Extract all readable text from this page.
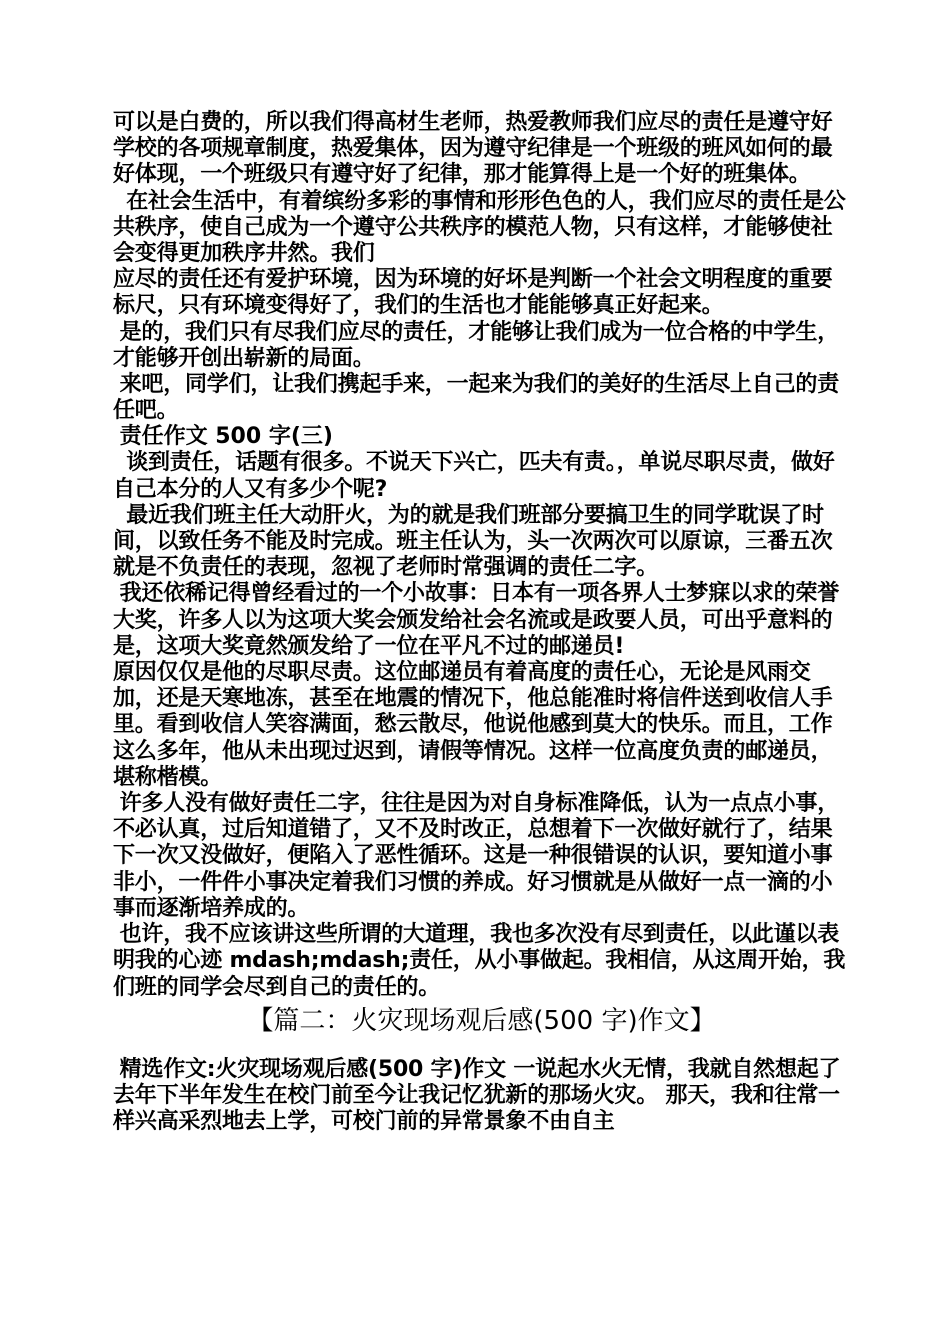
可以是白费的，所以我们得高材生老师，热爱教师我们应尽的责任是遵守好学校的各项规章制度，热爱集体，因为遵守纪律是一个班级的班风如何的最好体现，一个班级只有遵守好了纪律，那才能算得上是一个好的班集体。

在社会生活中，有着缤纷多彩的事情和形形色色的人，我们应尽的责任是公共秩序，使自己成为一个遵守公共秩序的模范人物，只有这样，才能够使社会变得更加秩序井然。我们

应尽的责任还有爱护环境，因为环境的好坏是判断一个社会文明程度的重要标尺，只有环境变得好了，我们的生活也才能能够真正好起来。

是的，我们只有尽我们应尽的责任，才能够让我们成为一位合格的中学生，才能够开创出崭新的局面。

来吧，同学们，让我们携起手来，一起来为我们的美好的生活尽上自己的责任吧。

责任作文 500 字(三)

谈到责任，话题有很多。不说天下兴亡，匹夫有责。，单说尽职尽责，做好自己本分的人又有多少个呢?

最近我们班主任大动肝火，为的就是我们班部分要搞卫生的同学耽误了时间，以致任务不能及时完成。班主任认为，头一次两次可以原谅，三番五次就是不负责任的表现，忽视了老师时常强调的责任二字。

我还依稀记得曾经看过的一个小故事：日本有一项各界人士梦寐以求的荣誉大奖，许多人以为这项大奖会颁发给社会名流或是政要人员，可出乎意料的是，这项大奖竟然颁发给了一位在平凡不过的邮递员!

原因仅仅是他的尽职尽责。这位邮递员有着高度的责任心，无论是风雨交加，还是天寒地冻，甚至在地震的情况下，他总能准时将信件送到收信人手里。看到收信人笑容满面，愁云散尽，他说他感到莫大的快乐。而且，工作这么多年，他从未出现过迟到，请假等情况。这样一位高度负责的邮递员，堪称楷模。

许多人没有做好责任二字，往往是因为对自身标准降低，认为一点点小事，不必认真，过后知道错了，又不及时改正，总想着下一次做好就行了，结果下一次又没做好，便陷入了恶性循环。这是一种很错误的认识，要知道小事非小，一件件小事决定着我们习惯的养成。好习惯就是从做好一点一滴的小事而逐渐培养成的。

也许，我不应该讲这些所谓的大道理，我也多次没有尽到责任，以此谨以表明我的心迹 mdash;mdash;责任，从小事做起。我相信，从这周开始，我们班的同学会尽到自己的责任的。

【篇二：火灾现场观后感(500 字)作文】

精选作文:火灾现场观后感(500 字)作文 一说起水火无情，我就自然想起了去年下半年发生在校门前至今让我记忆犹新的那场火灾。 那天，我和往常一样兴高采烈地去上学，可校门前的异常景象不由自主
